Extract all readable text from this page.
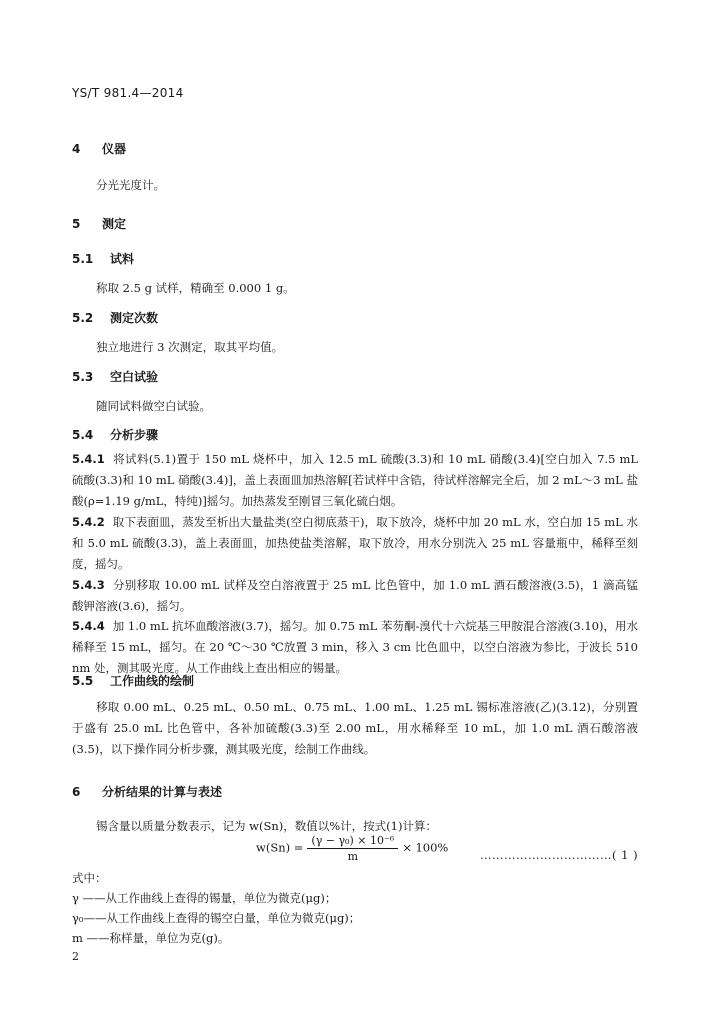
YS/T 981.4—2014
4 仪器
分光光度计。
5 测定
5.1 试料
称取 2.5 g 试样，精确至 0.000 1 g。
5.2 测定次数
独立地进行 3 次测定，取其平均值。
5.3 空白试验
随同试料做空白试验。
5.4 分析步骤
5.4.1 将试料(5.1)置于 150 mL 烧杯中，加入 12.5 mL 硫酸(3.3)和 10 mL 硝酸(3.4)[空白加入 7.5 mL 硫酸(3.3)和 10 mL 硝酸(3.4)]，盖上表面皿加热溶解[若试样中含锆，待试样溶解完全后，加 2 mL～3 mL 盐酸(ρ=1.19 g/mL，特纯)]摇匀。加热蒸发至刚冒三氧化硫白烟。
5.4.2 取下表面皿，蒸发至析出大量盐类(空白彻底蒸干)，取下放冷，烧杯中加 20 mL 水，空白加 15 mL 水和 5.0 mL 硫酸(3.3)，盖上表面皿，加热使盐类溶解，取下放冷，用水分别洗入 25 mL 容量瓶中，稀释至刻度，摇匀。
5.4.3 分别移取 10.00 mL 试样及空白溶液置于 25 mL 比色管中，加 1.0 mL 酒石酸溶液(3.5)，1 滴高锰酸钾溶液(3.6)，摇匀。
5.4.4 加 1.0 mL 抗坏血酸溶液(3.7)，摇匀。加 0.75 mL 苯芴酮-溴代十六烷基三甲胺混合溶液(3.10)，用水稀释至 15 mL，摇匀。在 20 ℃～30 ℃放置 3 min，移入 3 cm 比色皿中，以空白溶液为参比，于波长 510 nm 处，测其吸光度。从工作曲线上查出相应的锡量。
5.5 工作曲线的绘制
移取 0.00 mL、0.25 mL、0.50 mL、0.75 mL、1.00 mL、1.25 mL 锡标准溶液(乙)(3.12)，分别置于盛有 25.0 mL 比色管中，各补加硫酸(3.3)至 2.00 mL，用水稀释至 10 mL，加 1.0 mL 酒石酸溶液(3.5)，以下操作同分析步骤，测其吸光度，绘制工作曲线。
6 分析结果的计算与表述
锡含量以质量分数表示，记为 w(Sn)，数值以%计，按式(1)计算：
$w(Sn) = \frac{\text{(γ − γ₀) × 10⁻⁶}}{m} \times 100\%$
……………………………( 1 )
式中：
γ ——从工作曲线上查得的锡量，单位为微克(μg)；
γ₀——从工作曲线上查得的锡空白量，单位为微克(μg)；
m ——称样量，单位为克(g)。
2
